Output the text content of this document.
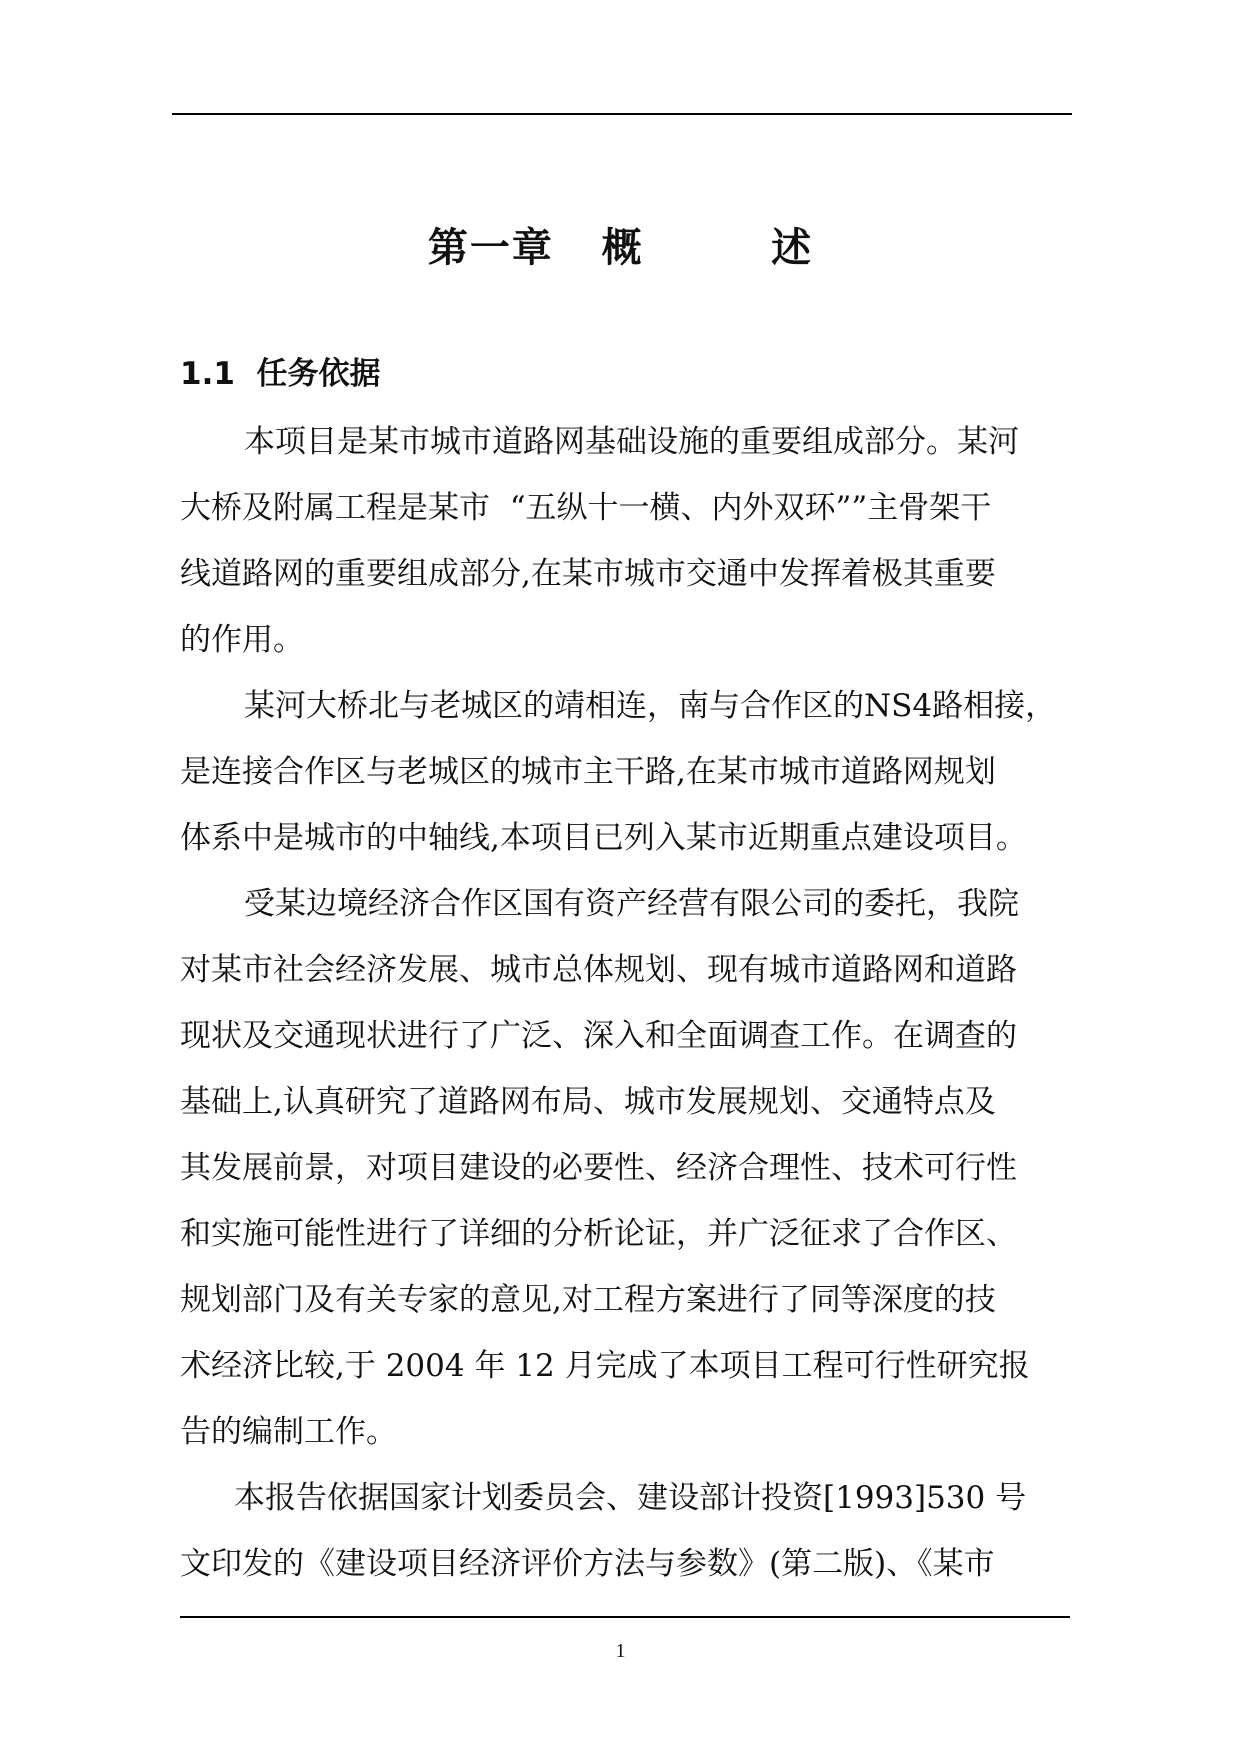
第一章   概        述
1.1  任务依据
本项目是某市城市道路网基础设施的重要组成部分。某河
大桥及附属工程是某市  “五纵十一横、内外双环””主骨架干
线道路网的重要组成部分,在某市城市交通中发挥着极其重要
的作用。
某河大桥北与老城区的靖相连，南与合作区的NS4路相接，
是连接合作区与老城区的城市主干路,在某市城市道路网规划
体系中是城市的中轴线,本项目已列入某市近期重点建设项目。
受某边境经济合作区国有资产经营有限公司的委托，我院
对某市社会经济发展、城市总体规划、现有城市道路网和道路
现状及交通现状进行了广泛、深入和全面调查工作。在调查的
基础上,认真研究了道路网布局、城市发展规划、交通特点及
其发展前景，对项目建设的必要性、经济合理性、技术可行性
和实施可能性进行了详细的分析论证，并广泛征求了合作区、
规划部门及有关专家的意见,对工程方案进行了同等深度的技
术经济比较,于 2004 年 12 月完成了本项目工程可行性研究报
告的编制工作。
本报告依据国家计划委员会、建设部计投资[1993]530 号
文印发的《建设项目经济评价方法与参数》(第二版)、《某市
1
